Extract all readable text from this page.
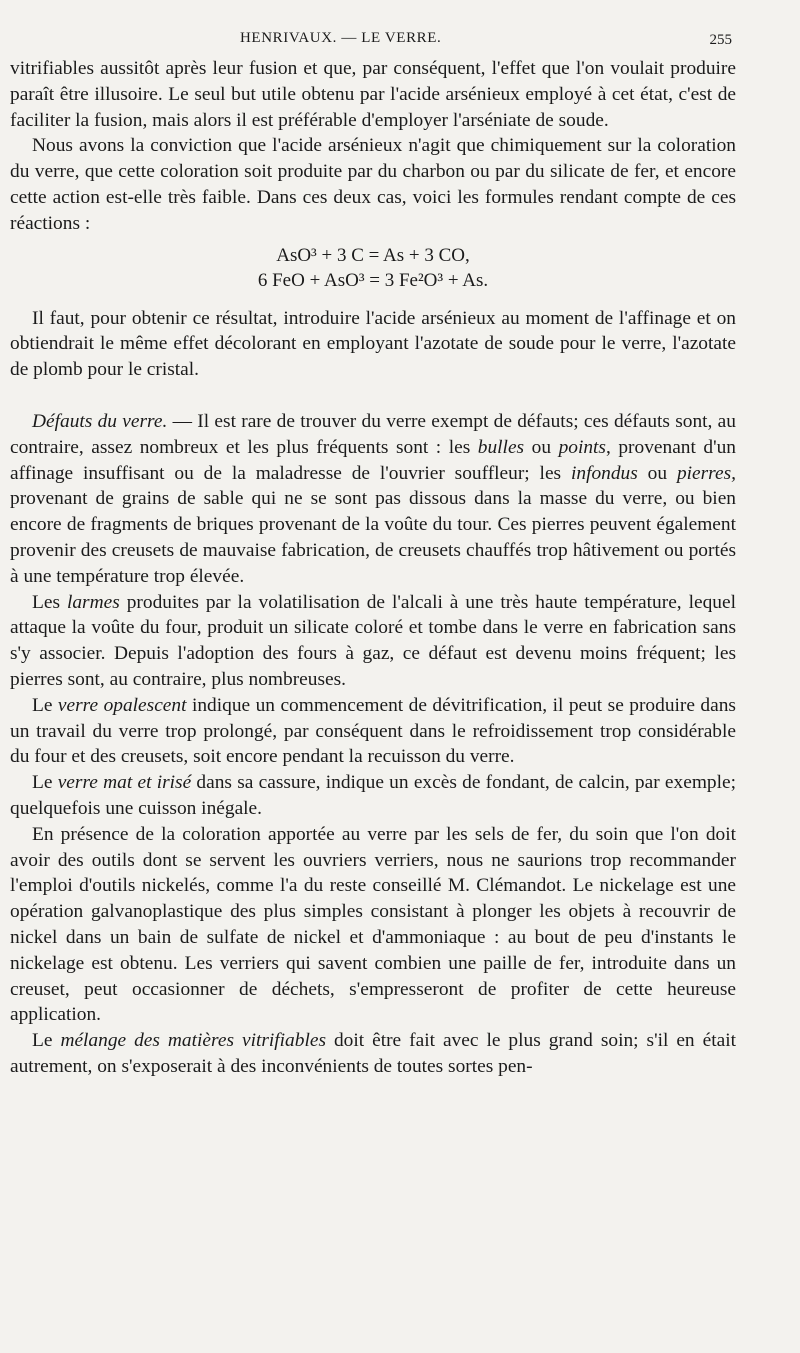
HENRIVAUX. — LE VERRE.	255

vitrifiables aussitôt après leur fusion et que, par conséquent, l'effet que l'on voulait produire paraît être illusoire. Le seul but utile obtenu par l'acide arsénieux employé à cet état, c'est de faciliter la fusion, mais alors il est préférable d'employer l'arséniate de soude.

Nous avons la conviction que l'acide arsénieux n'agit que chimiquement sur la coloration du verre, que cette coloration soit produite par du charbon ou par du silicate de fer, et encore cette action est-elle très faible. Dans ces deux cas, voici les formules rendant compte de ces réactions :

AsO³ + 3 C = As + 3 CO,
6 FeO + AsO³ = 3 Fe²O³ + As.

Il faut, pour obtenir ce résultat, introduire l'acide arsénieux au moment de l'affinage et on obtiendrait le même effet décolorant en employant l'azotate de soude pour le verre, l'azotate de plomb pour le cristal.

Défauts du verre. — Il est rare de trouver du verre exempt de défauts; ces défauts sont, au contraire, assez nombreux et les plus fréquents sont : les bulles ou points, provenant d'un affinage insuffisant ou de la maladresse de l'ouvrier souffleur; les infondus ou pierres, provenant de grains de sable qui ne se sont pas dissous dans la masse du verre, ou bien encore de fragments de briques provenant de la voûte du tour. Ces pierres peuvent également provenir des creusets de mauvaise fabrication, de creusets chauffés trop hâtivement ou portés à une température trop élevée.

Les larmes produites par la volatilisation de l'alcali à une très haute température, lequel attaque la voûte du four, produit un silicate coloré et tombe dans le verre en fabrication sans s'y associer. Depuis l'adoption des fours à gaz, ce défaut est devenu moins fréquent; les pierres sont, au contraire, plus nombreuses.

Le verre opalescent indique un commencement de dévitrification, il peut se produire dans un travail du verre trop prolongé, par conséquent dans le refroidissement trop considérable du four et des creusets, soit encore pendant la recuisson du verre.

Le verre mat et irisé dans sa cassure, indique un excès de fondant, de calcin, par exemple; quelquefois une cuisson inégale.

En présence de la coloration apportée au verre par les sels de fer, du soin que l'on doit avoir des outils dont se servent les ouvriers verriers, nous ne saurions trop recommander l'emploi d'outils nickelés, comme l'a du reste conseillé M. Clémandot. Le nickelage est une opération galvanoplastique des plus simples consistant à plonger les objets à recouvrir de nickel dans un bain de sulfate de nickel et d'ammoniaque : au bout de peu d'instants le nickelage est obtenu. Les verriers qui savent combien une paille de fer, introduite dans un creuset, peut occasionner de déchets, s'empresseront de profiter de cette heureuse application.

Le mélange des matières vitrifiables doit être fait avec le plus grand soin; s'il en était autrement, on s'exposerait à des inconvénients de toutes sortes pen-
